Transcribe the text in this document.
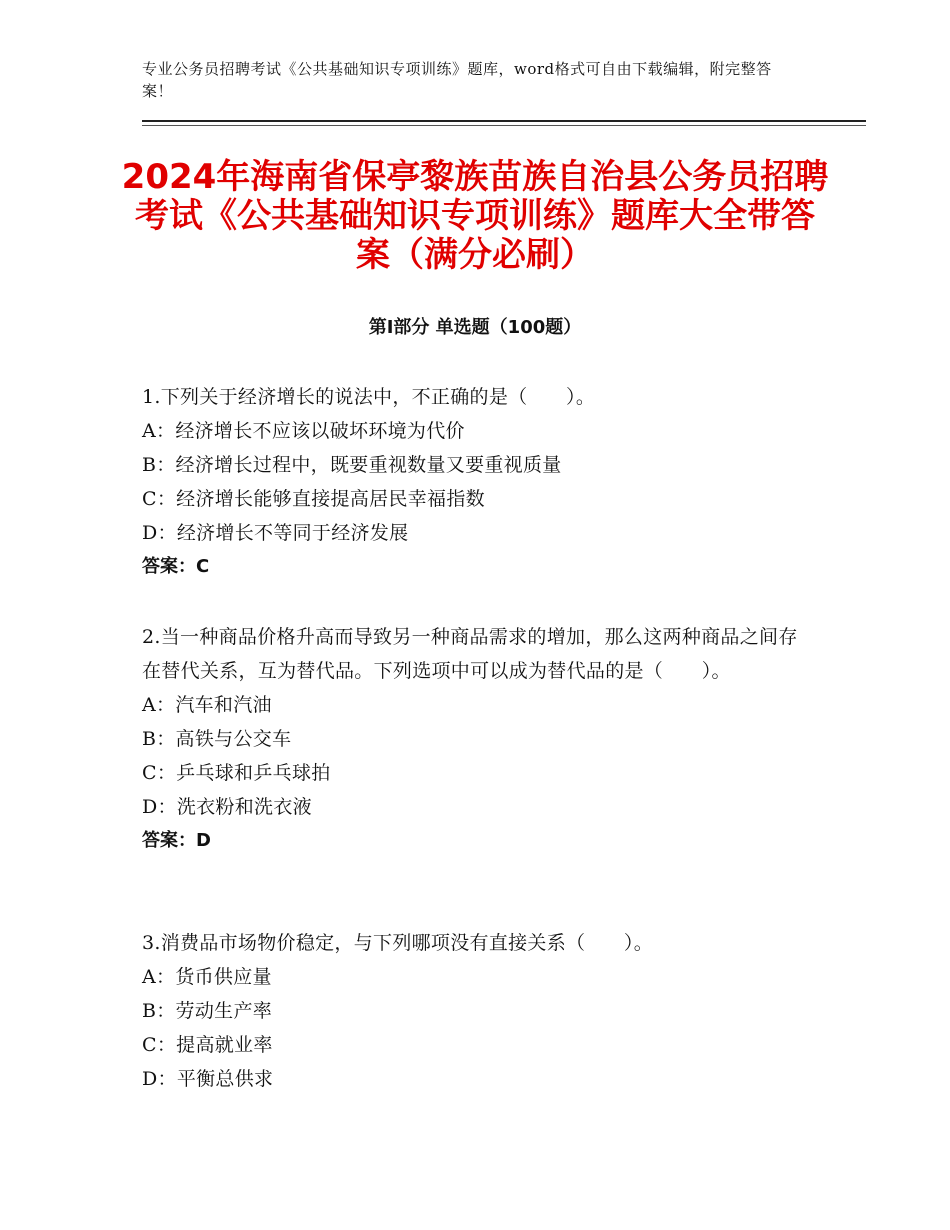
专业公务员招聘考试《公共基础知识专项训练》题库，word格式可自由下载编辑，附完整答案！
2024年海南省保亭黎族苗族自治县公务员招聘考试《公共基础知识专项训练》题库大全带答案（满分必刷）
第Ⅰ部分 单选题（100题）
1.下列关于经济增长的说法中，不正确的是（　　）。
A：经济增长不应该以破坏环境为代价
B：经济增长过程中，既要重视数量又要重视质量
C：经济增长能够直接提高居民幸福指数
D：经济增长不等同于经济发展
答案：C
2.当一种商品价格升高而导致另一种商品需求的增加，那么这两种商品之间存在替代关系，互为替代品。下列选项中可以成为替代品的是（　　）。
A：汽车和汽油
B：高铁与公交车
C：乒乓球和乒乓球拍
D：洗衣粉和洗衣液
答案：D
3.消费品市场物价稳定，与下列哪项没有直接关系（　　）。
A：货币供应量
B：劳动生产率
C：提高就业率
D：平衡总供求
